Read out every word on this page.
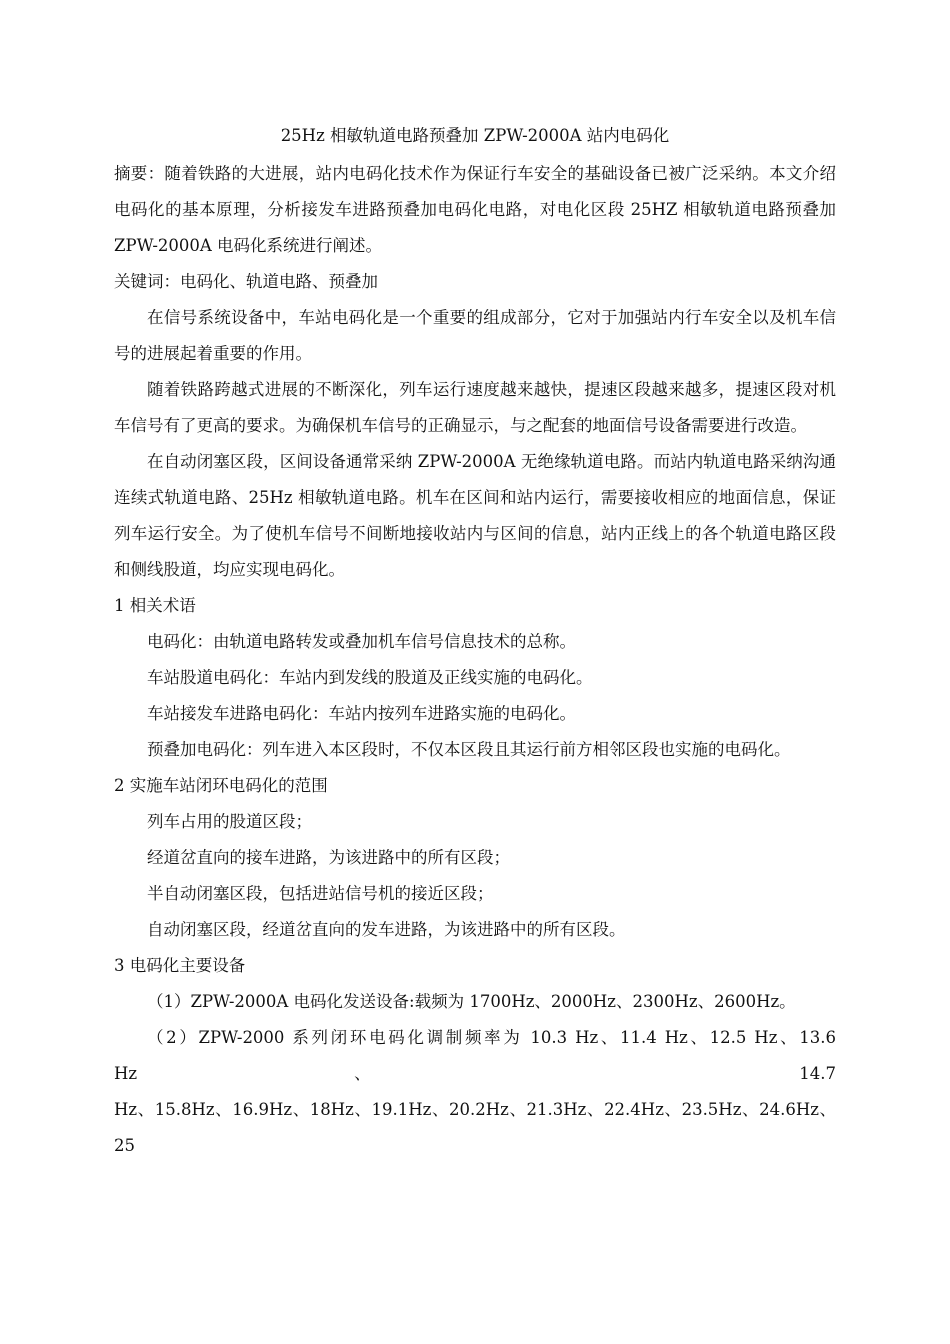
25Hz 相敏轨道电路预叠加 ZPW-2000A 站内电码化

摘要：随着铁路的大进展，站内电码化技术作为保证行车安全的基础设备已被广泛采纳。本文介绍电码化的基本原理，分析接发车进路预叠加电码化电路，对电化区段 25HZ 相敏轨道电路预叠加 ZPW-2000A 电码化系统进行阐述。

关键词：电码化、轨道电路、预叠加

在信号系统设备中，车站电码化是一个重要的组成部分，它对于加强站内行车安全以及机车信号的进展起着重要的作用。

随着铁路跨越式进展的不断深化，列车运行速度越来越快，提速区段越来越多，提速区段对机车信号有了更高的要求。为确保机车信号的正确显示，与之配套的地面信号设备需要进行改造。

在自动闭塞区段，区间设备通常采纳 ZPW-2000A 无绝缘轨道电路。而站内轨道电路采纳沟通连续式轨道电路、25Hz 相敏轨道电路。机车在区间和站内运行，需要接收相应的地面信息，保证列车运行安全。为了使机车信号不间断地接收站内与区间的信息，站内正线上的各个轨道电路区段和侧线股道，均应实现电码化。

1 相关术语

电码化：由轨道电路转发或叠加机车信号信息技术的总称。

车站股道电码化：车站内到发线的股道及正线实施的电码化。

车站接发车进路电码化：车站内按列车进路实施的电码化。

预叠加电码化：列车进入本区段时，不仅本区段且其运行前方相邻区段也实施的电码化。

2 实施车站闭环电码化的范围

列车占用的股道区段；

经道岔直向的接车进路，为该进路中的所有区段；

半自动闭塞区段，包括进站信号机的接近区段；

自动闭塞区段，经道岔直向的发车进路，为该进路中的所有区段。

3 电码化主要设备

（1）ZPW-2000A 电码化发送设备:载频为 1700Hz、2000Hz、2300Hz、2600Hz。

（2）ZPW-2000 系列闭环电码化调制频率为 10.3 Hz、11.4 Hz、12.5 Hz、13.6

Hz	、	14.7

Hz、15.8Hz、16.9Hz、18Hz、19.1Hz、20.2Hz、21.3Hz、22.4Hz、23.5Hz、24.6Hz、25
